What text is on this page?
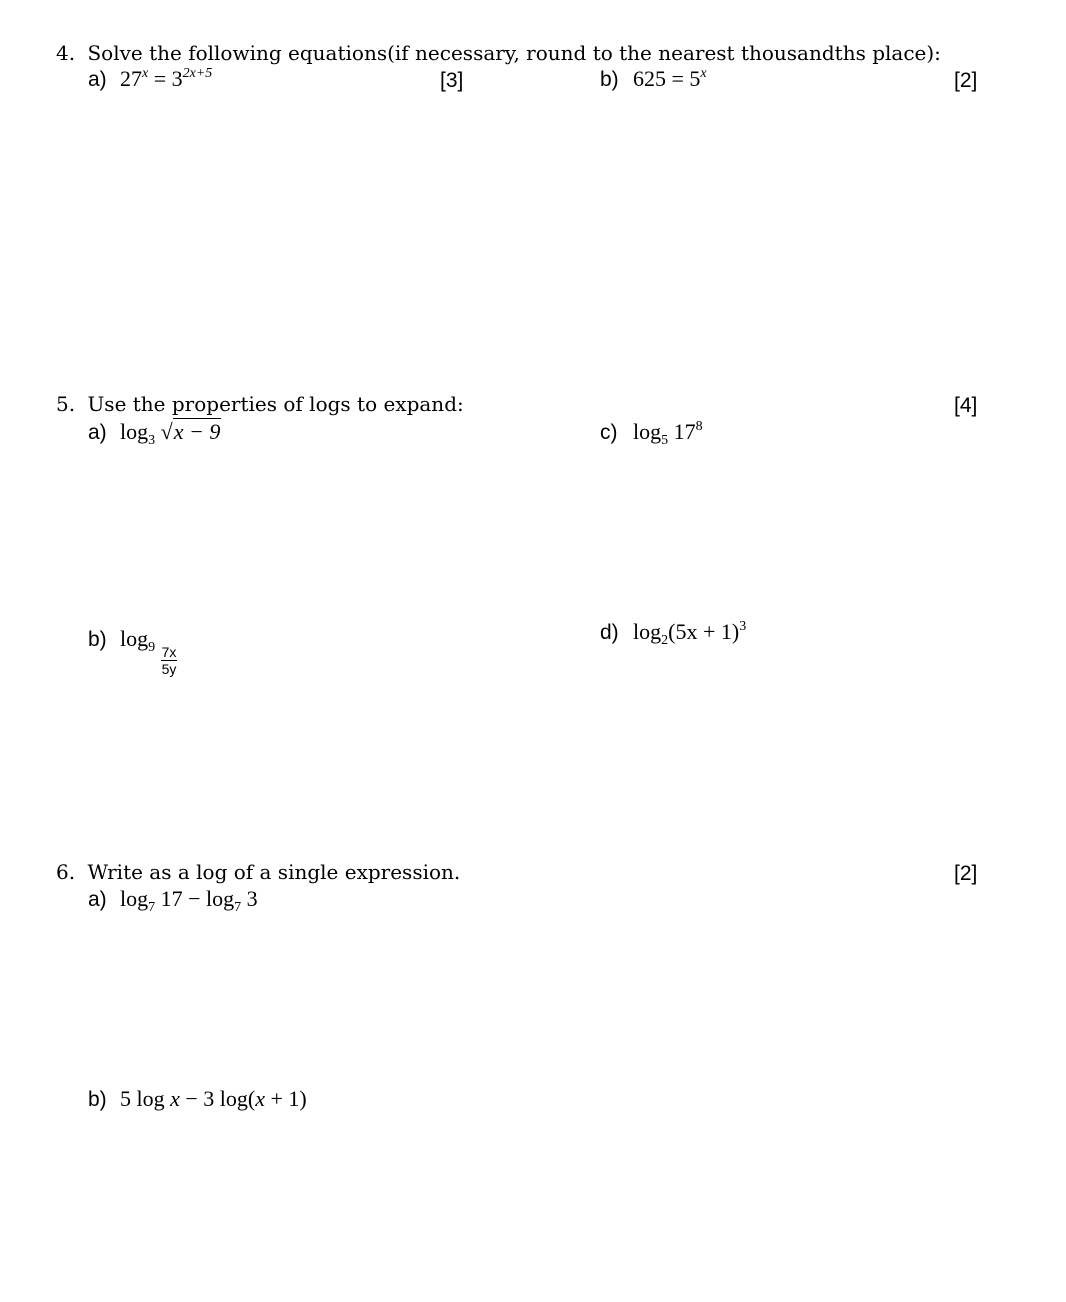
4. Solve the following equations(if necessary, round to the nearest thousandths place):
a) $27^x = 3^{2x+5}$	[3]	b) $625 = 5^x$	[2]
5. Use the properties of logs to expand:	[4]
a) $\log_3 √x - 9$	c) $\log_5 17^8$
b) $\log_9 \frac{7x}{5y}$
d) $\log_2(5x + 1)^3$
6. Write as a log of a single expression.	[2]
a) $\log_7 17 - \log_7 3$
b) 5 log x − 3 log(x + 1)
